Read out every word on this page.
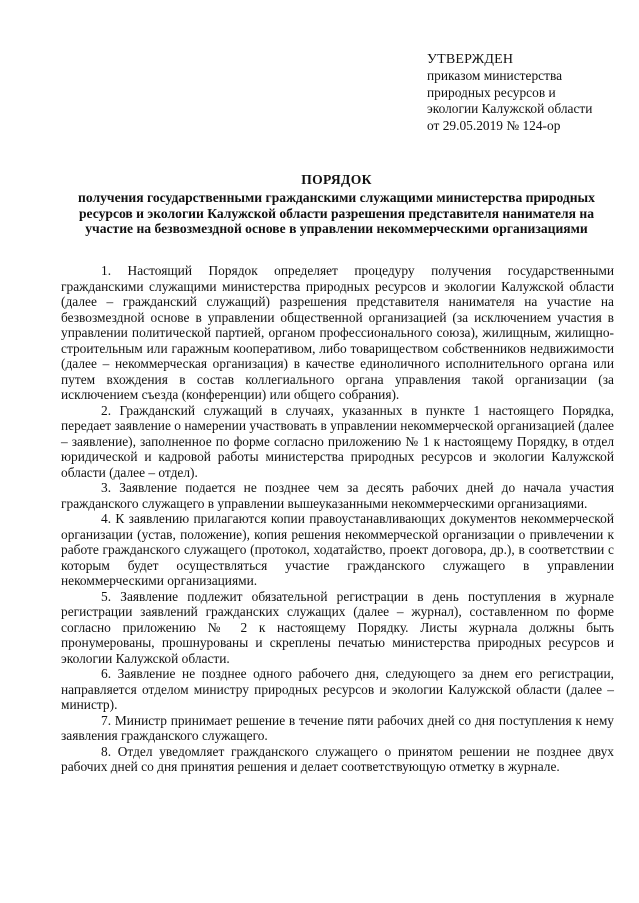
УТВЕРЖДЕН
приказом министерства
природных ресурсов и
экологии Калужской области
от 29.05.2019 № 124-ор
ПОРЯДОК
получения государственными гражданскими служащими министерства природных ресурсов и экологии Калужской области разрешения представителя нанимателя на участие на безвозмездной основе в управлении некоммерческими организациями

1. Настоящий Порядок определяет процедуру получения государственными гражданскими служащими министерства природных ресурсов и экологии Калужской области (далее – гражданский служащий) разрешения представителя нанимателя на участие на безвозмездной основе в управлении общественной организацией (за исключением участия в управлении политической партией, органом профессионального союза), жилищным, жилищно-строительным или гаражным кооперативом, либо товариществом собственников недвижимости (далее – некоммерческая организация) в качестве единоличного исполнительного органа или путем вхождения в состав коллегиального органа управления такой организации (за исключением съезда (конференции) или общего собрания).

2. Гражданский служащий в случаях, указанных в пункте 1 настоящего Порядка, передает заявление о намерении участвовать в управлении некоммерческой организацией (далее – заявление), заполненное по форме согласно приложению № 1 к настоящему Порядку, в отдел юридической и кадровой работы министерства природных ресурсов и экологии Калужской области (далее – отдел).

3. Заявление подается не позднее чем за десять рабочих дней до начала участия гражданского служащего в управлении вышеуказанными некоммерческими организациями.

4. К заявлению прилагаются копии правоустанавливающих документов некоммерческой организации (устав, положение), копия решения некоммерческой организации о привлечении к работе гражданского служащего (протокол, ходатайство, проект договора, др.), в соответствии с которым будет осуществляться участие гражданского служащего в управлении некоммерческими организациями.

5. Заявление подлежит обязательной регистрации в день поступления в журнале регистрации заявлений гражданских служащих (далее – журнал), составленном по форме согласно приложению № 2 к настоящему Порядку. Листы журнала должны быть пронумерованы, прошнурованы и скреплены печатью министерства природных ресурсов и экологии Калужской области.

6. Заявление не позднее одного рабочего дня, следующего за днем его регистрации, направляется отделом министру природных ресурсов и экологии Калужской области (далее – министр).

7. Министр принимает решение в течение пяти рабочих дней со дня поступления к нему заявления гражданского служащего.

8. Отдел уведомляет гражданского служащего о принятом решении не позднее двух рабочих дней со дня принятия решения и делает соответствующую отметку в журнале.
